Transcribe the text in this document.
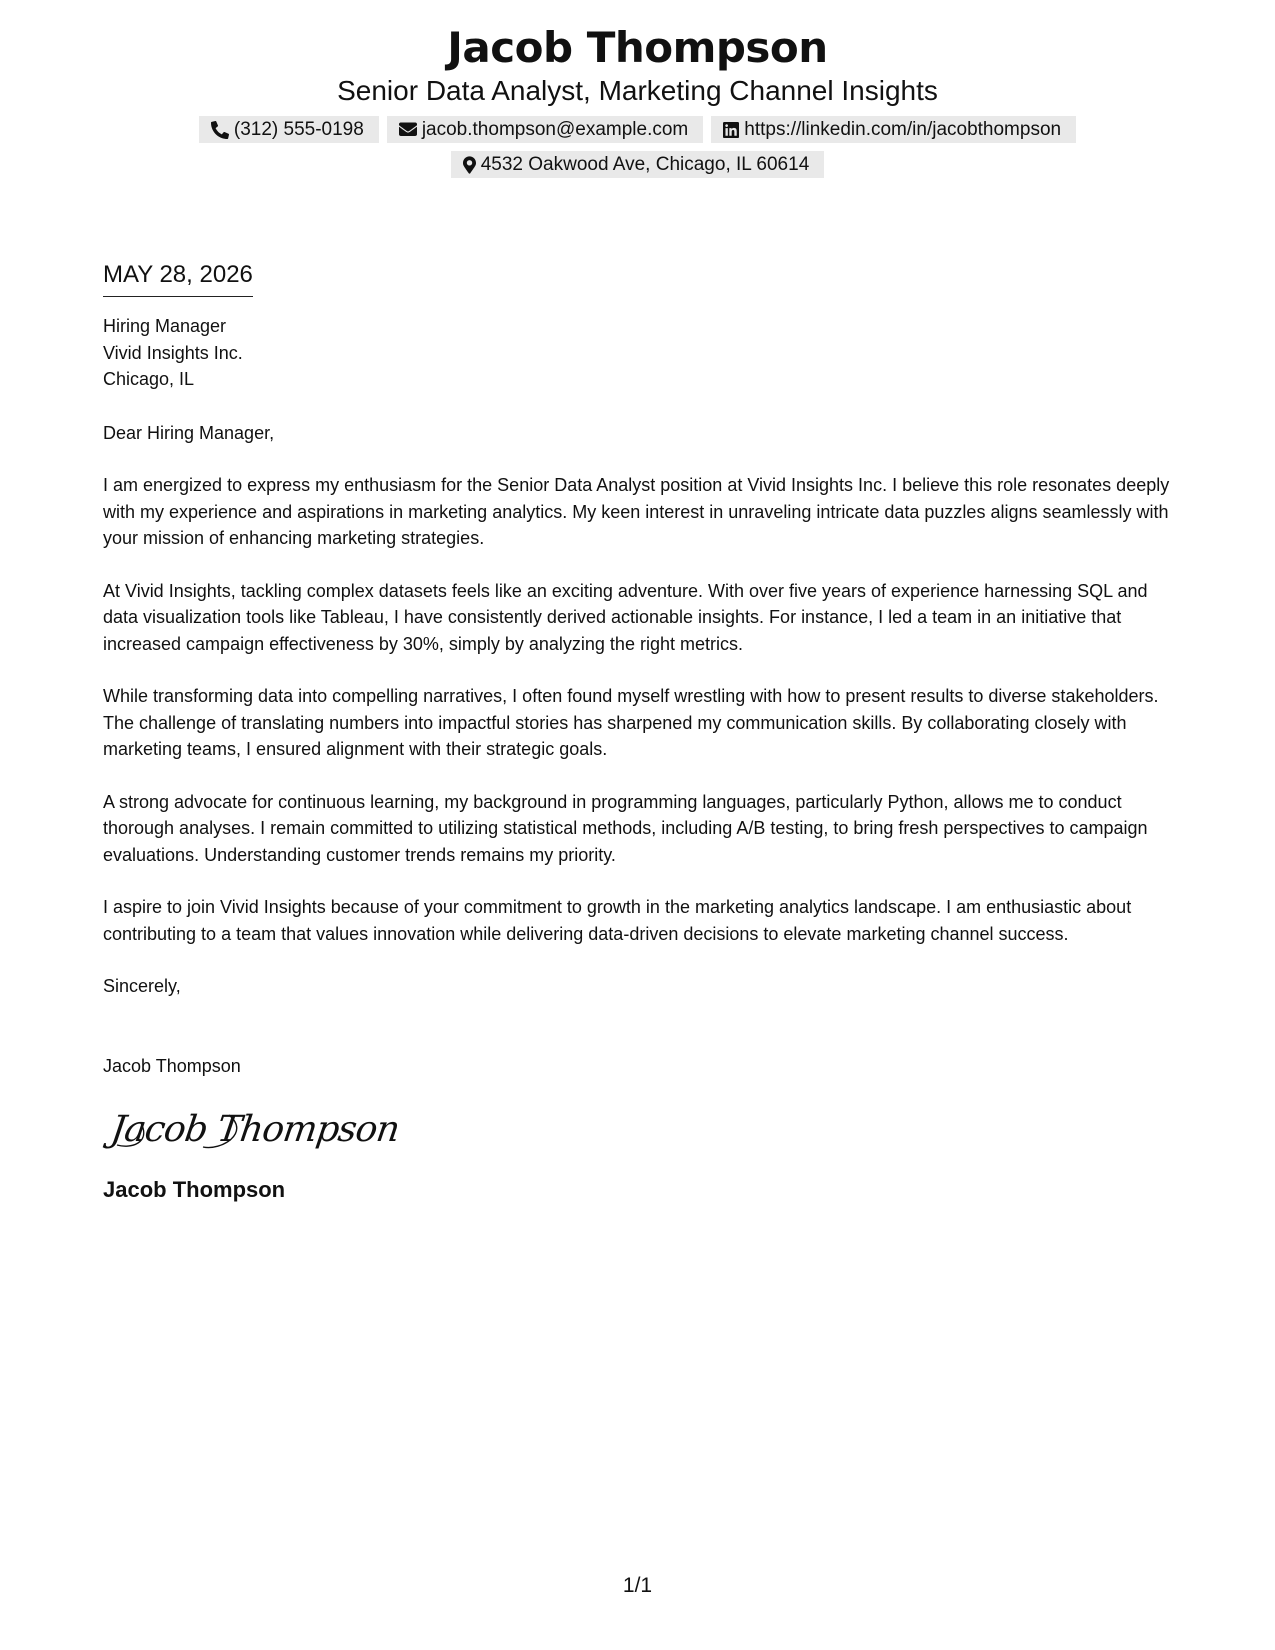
Jacob Thompson
Senior Data Analyst, Marketing Channel Insights
(312) 555-0198	jacob.thompson@example.com	https://linkedin.com/in/jacobthompson
4532 Oakwood Ave, Chicago, IL 60614
MAY 28, 2026
Hiring Manager
Vivid Insights Inc.
Chicago, IL
Dear Hiring Manager,
I am energized to express my enthusiasm for the Senior Data Analyst position at Vivid Insights Inc. I believe this role resonates deeply with my experience and aspirations in marketing analytics. My keen interest in unraveling intricate data puzzles aligns seamlessly with your mission of enhancing marketing strategies.
At Vivid Insights, tackling complex datasets feels like an exciting adventure. With over five years of experience harnessing SQL and data visualization tools like Tableau, I have consistently derived actionable insights. For instance, I led a team in an initiative that increased campaign effectiveness by 30%, simply by analyzing the right metrics.
While transforming data into compelling narratives, I often found myself wrestling with how to present results to diverse stakeholders. The challenge of translating numbers into impactful stories has sharpened my communication skills. By collaborating closely with marketing teams, I ensured alignment with their strategic goals.
A strong advocate for continuous learning, my background in programming languages, particularly Python, allows me to conduct thorough analyses. I remain committed to utilizing statistical methods, including A/B testing, to bring fresh perspectives to campaign evaluations. Understanding customer trends remains my priority.
I aspire to join Vivid Insights because of your commitment to growth in the marketing analytics landscape. I am enthusiastic about contributing to a team that values innovation while delivering data-driven decisions to elevate marketing channel success.
Sincerely,
Jacob Thompson
Jacob Thompson
Jacob Thompson
1/1
